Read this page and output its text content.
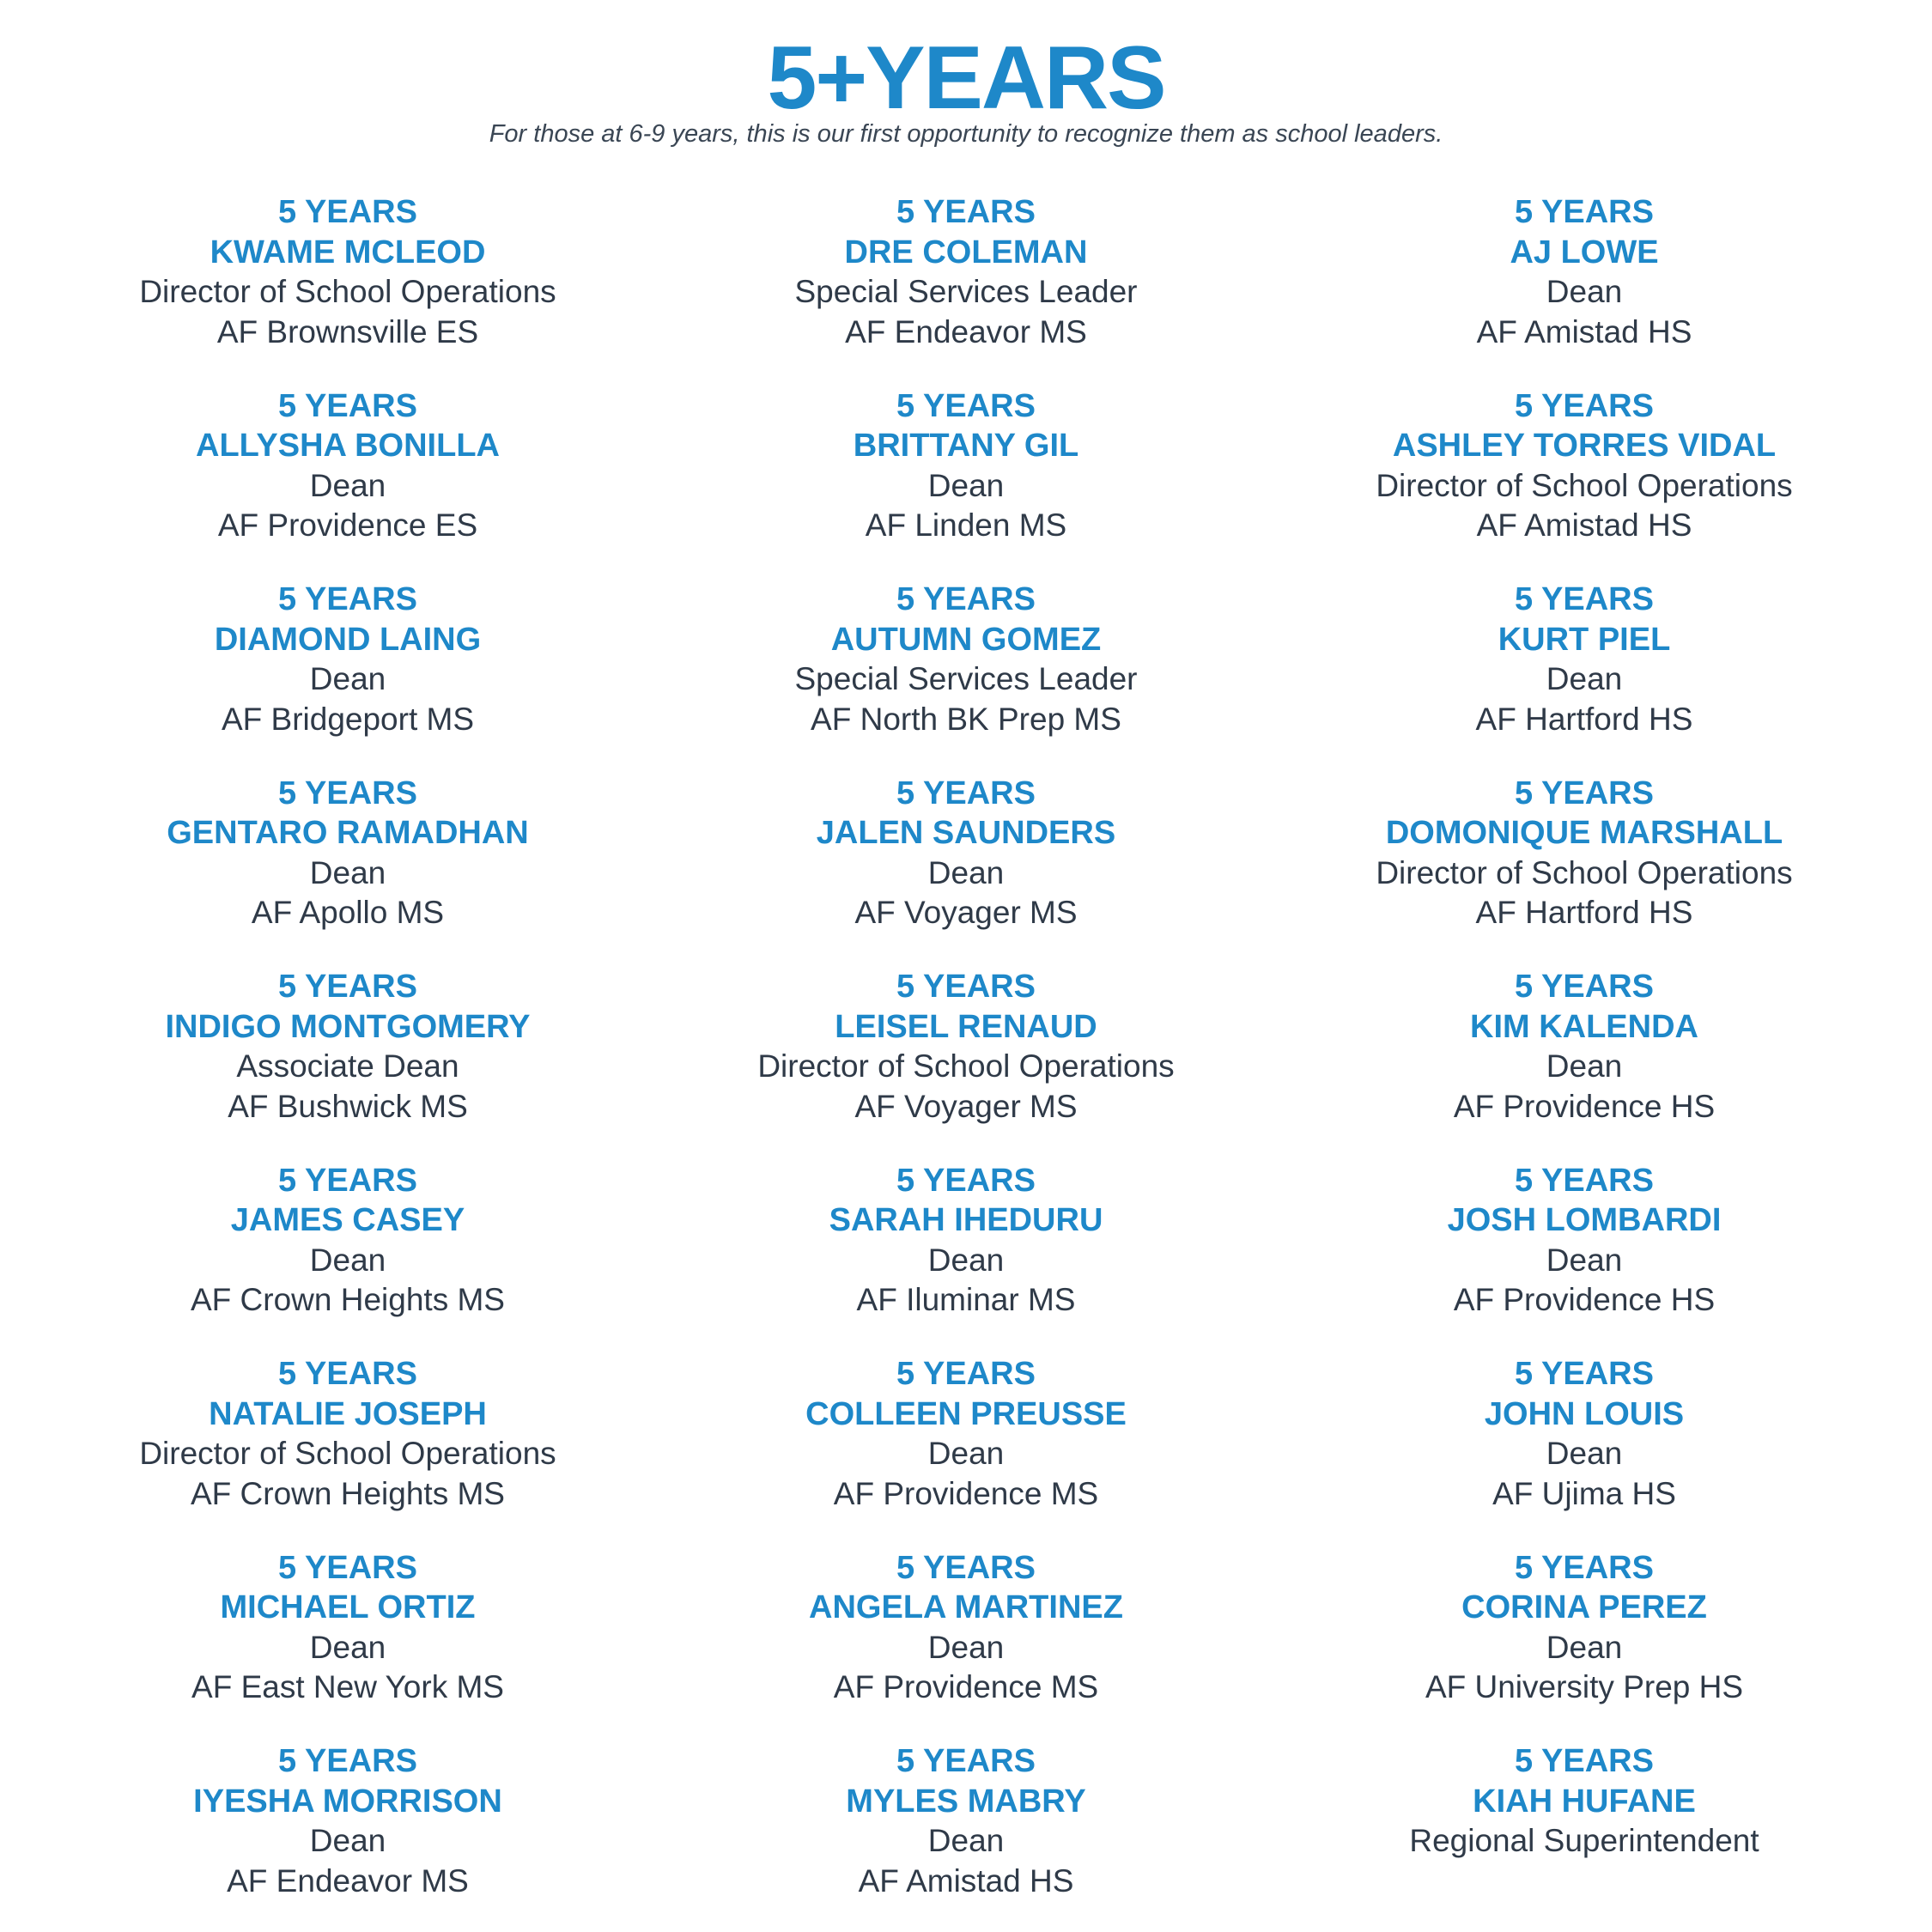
5+YEARS
For those at 6-9 years, this is our first opportunity to recognize them as school leaders.
5 YEARS
KWAME MCLEOD
Director of School Operations
AF Brownsville ES
5 YEARS
ALLYSHA BONILLA
Dean
AF Providence ES
5 YEARS
DIAMOND LAING
Dean
AF Bridgeport MS
5 YEARS
GENTARO RAMADHAN
Dean
AF Apollo MS
5 YEARS
INDIGO MONTGOMERY
Associate Dean
AF Bushwick MS
5 YEARS
JAMES CASEY
Dean
AF Crown Heights MS
5 YEARS
NATALIE JOSEPH
Director of School Operations
AF Crown Heights MS
5 YEARS
MICHAEL ORTIZ
Dean
AF East New York MS
5 YEARS
IYESHA MORRISON
Dean
AF Endeavor MS
5 YEARS
DRE COLEMAN
Special Services Leader
AF Endeavor MS
5 YEARS
BRITTANY GIL
Dean
AF Linden MS
5 YEARS
AUTUMN GOMEZ
Special Services Leader
AF North BK Prep MS
5 YEARS
JALEN SAUNDERS
Dean
AF Voyager MS
5 YEARS
LEISEL RENAUD
Director of School Operations
AF Voyager MS
5 YEARS
SARAH IHEDURU
Dean
AF Iluminar MS
5 YEARS
COLLEEN PREUSSE
Dean
AF Providence MS
5 YEARS
ANGELA MARTINEZ
Dean
AF Providence MS
5 YEARS
MYLES MABRY
Dean
AF Amistad HS
5 YEARS
AJ LOWE
Dean
AF Amistad HS
5 YEARS
ASHLEY TORRES VIDAL
Director of School Operations
AF Amistad HS
5 YEARS
KURT PIEL
Dean
AF Hartford HS
5 YEARS
DOMONIQUE MARSHALL
Director of School Operations
AF Hartford HS
5 YEARS
KIM KALENDA
Dean
AF Providence HS
5 YEARS
JOSH LOMBARDI
Dean
AF Providence HS
5 YEARS
JOHN LOUIS
Dean
AF Ujima HS
5 YEARS
CORINA PEREZ
Dean
AF University Prep HS
5 YEARS
KIAH HUFANE
Regional Superintendent
